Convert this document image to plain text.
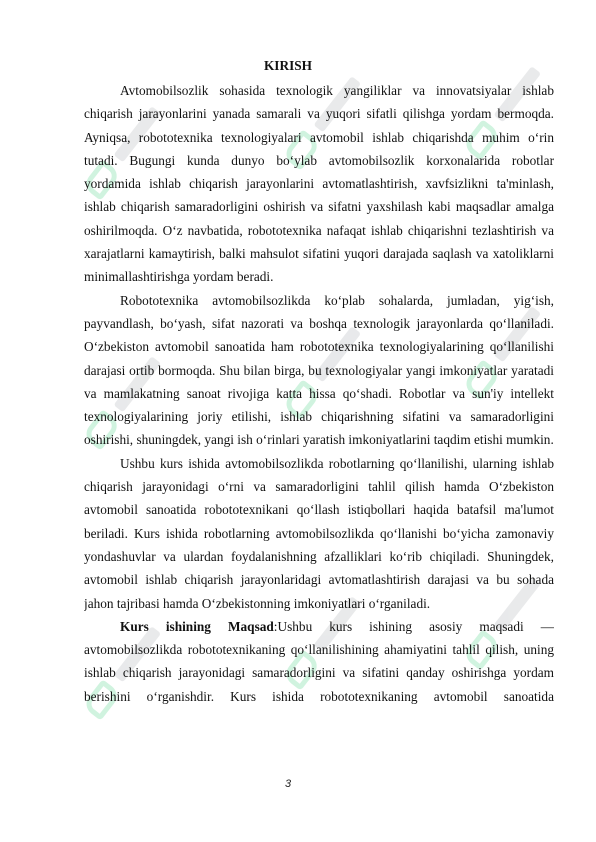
KIRISH

Avtomobilsozlik sohasida texnologik yangiliklar va innovatsiyalar ishlab chiqarish jarayonlarini yanada samarali va yuqori sifatli qilishga yordam bermoqda. Ayniqsa, robototexnika texnologiyalari avtomobil ishlab chiqarishda muhim oʻrin tutadi. Bugungi kunda dunyo boʻylab avtomobilsozlik korxonalarida robotlar yordamida ishlab chiqarish jarayonlarini avtomatlashtirish, xavfsizlikni ta'minlash, ishlab chiqarish samaradorligini oshirish va sifatni yaxshilash kabi maqsadlar amalga oshirilmoqda. Oʻz navbatida, robototexnika nafaqat ishlab chiqarishni tezlashtirish va xarajatlarni kamaytirish, balki mahsulot sifatini yuqori darajada saqlash va xatoliklarni minimallashtirishga yordam beradi.

Robototexnika avtomobilsozlikda koʻplab sohalarda, jumladan, yigʻish, payvandlash, boʻyash, sifat nazorati va boshqa texnologik jarayonlarda qoʻllaniladi. Oʻzbekiston avtomobil sanoatida ham robototexnika texnologiyalarining qoʻllanilishi darajasi ortib bormoqda. Shu bilan birga, bu texnologiyalar yangi imkoniyatlar yaratadi va mamlakatning sanoat rivojiga katta hissa qoʻshadi. Robotlar va sun'iy intellekt texnologiyalarining joriy etilishi, ishlab chiqarishning sifatini va samaradorligini oshirishi, shuningdek, yangi ish oʻrinlari yaratish imkoniyatlarini taqdim etishi mumkin.

Ushbu kurs ishida avtomobilsozlikda robotlarning qoʻllanilishi, ularning ishlab chiqarish jarayonidagi oʻrni va samaradorligini tahlil qilish hamda Oʻzbekiston avtomobil sanoatida robototexnikani qoʻllash istiqbollari haqida batafsil ma'lumot beriladi. Kurs ishida robotlarning avtomobilsozlikda qoʻllanishi boʻyicha zamonaviy yondashuvlar va ulardan foydalanishning afzalliklari koʻrib chiqiladi. Shuningdek, avtomobil ishlab chiqarish jarayonlaridagi avtomatlashtirish darajasi va bu sohada jahon tajribasi hamda Oʻzbekistonning imkoniyatlari oʻrganiladi.

Kurs ishining Maqsad:Ushbu kurs ishining asosiy maqsadi — avtomobilsozlikda robototexnikaning qoʻllanilishining ahamiyatini tahlil qilish, uning ishlab chiqarish jarayonidagi samaradorligini va sifatini qanday oshirishga yordam berishini oʻrganishdir. Kurs ishida robototexnikaning avtomobil sanoatida

3
